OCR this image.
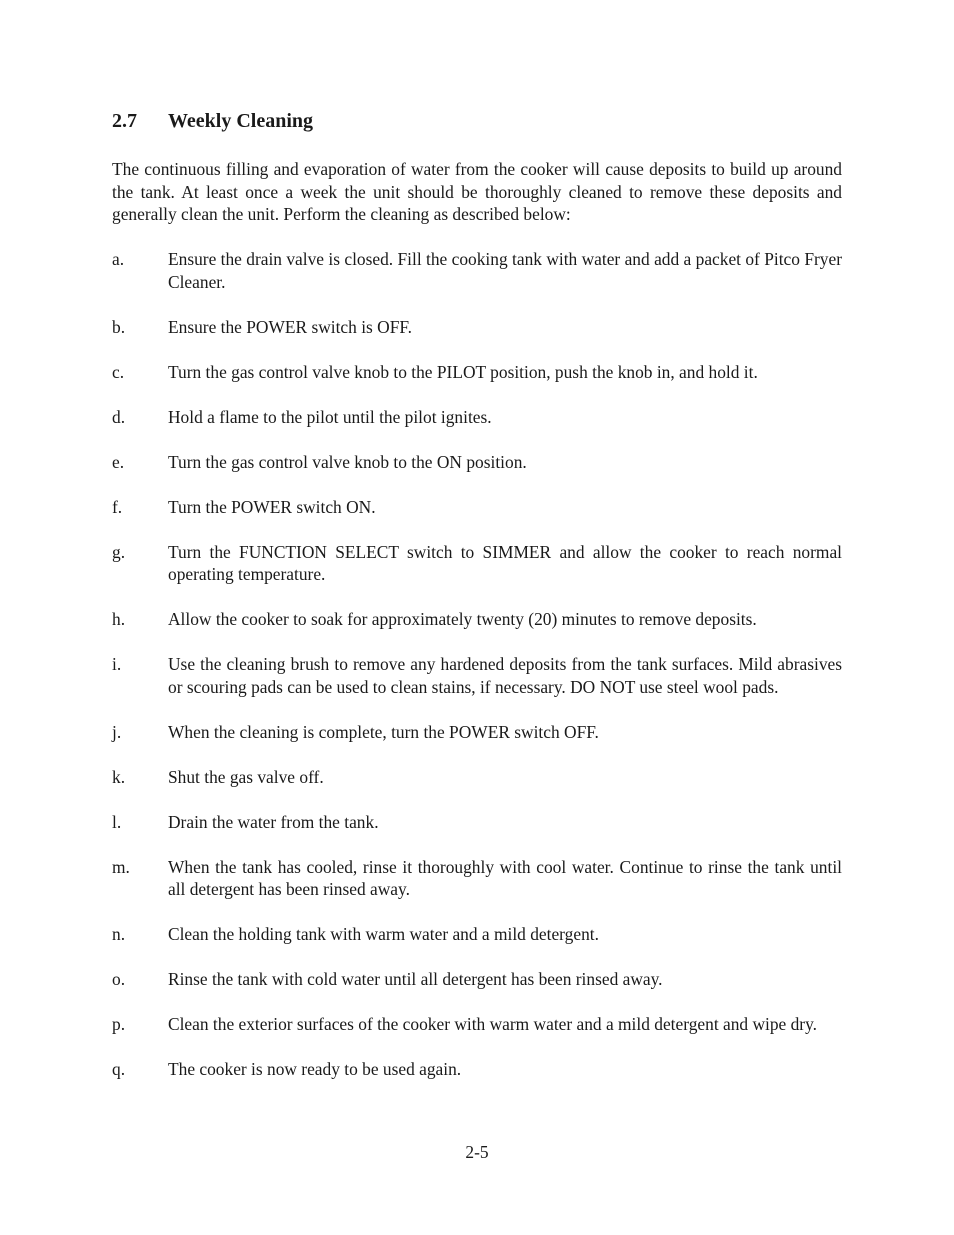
2.7	Weekly Cleaning

The continuous filling and evaporation of water from the cooker will cause deposits to build up around the tank. At least once a week the unit should be thoroughly cleaned to remove these deposits and generally clean the unit. Perform the cleaning as described below:

a.	Ensure the drain valve is closed. Fill the cooking tank with water and add a packet of Pitco Fryer Cleaner.
b.	Ensure the POWER switch is OFF.
c.	Turn the gas control valve knob to the PILOT position, push the knob in, and hold it.
d.	Hold a flame to the pilot until the pilot ignites.
e.	Turn the gas control valve knob to the ON position.
f.	Turn the POWER switch ON.
g.	Turn the FUNCTION SELECT switch to SIMMER and allow the cooker to reach normal operating temperature.
h.	Allow the cooker to soak for approximately twenty (20) minutes to remove deposits.
i.	Use the cleaning brush to remove any hardened deposits from the tank surfaces. Mild abrasives or scouring pads can be used to clean stains, if necessary. DO NOT use steel wool pads.
j.	When the cleaning is complete, turn the POWER switch OFF.
k.	Shut the gas valve off.
l.	Drain the water from the tank.
m.	When the tank has cooled, rinse it thoroughly with cool water. Continue to rinse the tank until all detergent has been rinsed away.
n.	Clean the holding tank with warm water and a mild detergent.
o.	Rinse the tank with cold water until all detergent has been rinsed away.
p.	Clean the exterior surfaces of the cooker with warm water and a mild detergent and wipe dry.
q.	The cooker is now ready to be used again.
2-5
